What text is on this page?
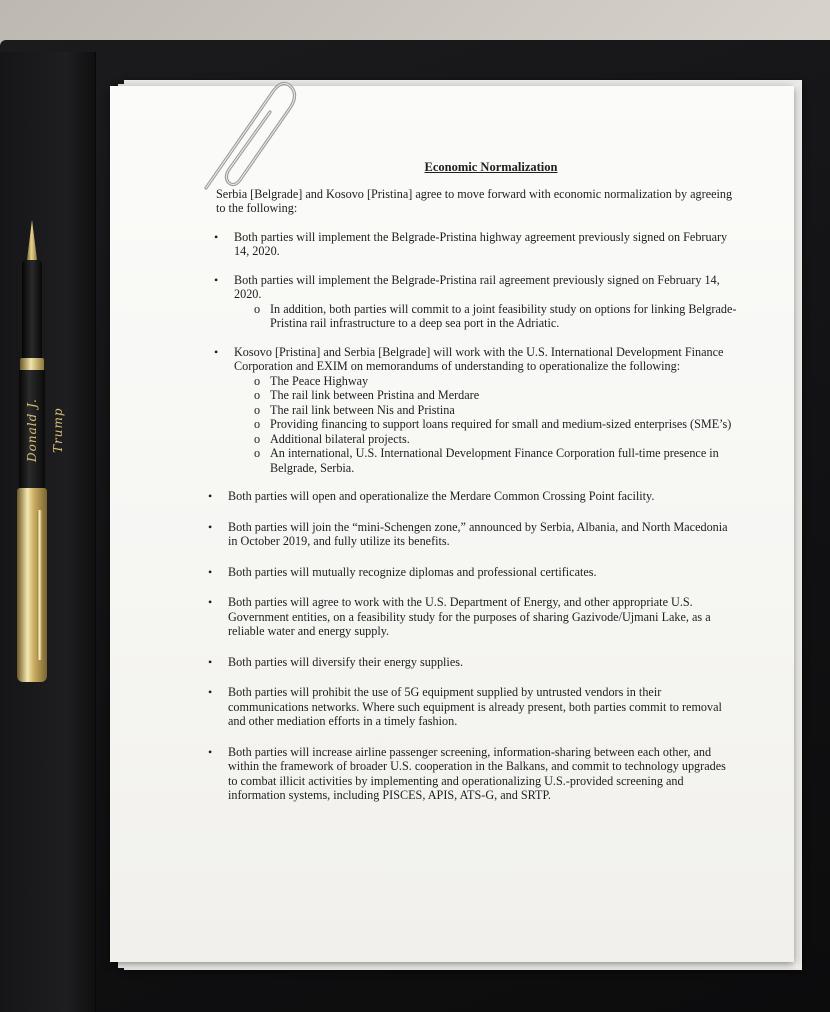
Donald J. Trump
Economic Normalization
Serbia [Belgrade] and Kosovo [Pristina] agree to move forward with economic normalization by agreeing to the following:
• Both parties will implement the Belgrade-Pristina highway agreement previously signed on February 14, 2020.
• Both parties will implement the Belgrade-Pristina rail agreement previously signed on February 14, 2020.
o In addition, both parties will commit to a joint feasibility study on options for linking Belgrade-Pristina rail infrastructure to a deep sea port in the Adriatic.
• Kosovo [Pristina] and Serbia [Belgrade] will work with the U.S. International Development Finance Corporation and EXIM on memorandums of understanding to operationalize the following:
o The Peace Highway
o The rail link between Pristina and Merdare
o The rail link between Nis and Pristina
o Providing financing to support loans required for small and medium-sized enterprises (SME’s)
o Additional bilateral projects.
o An international, U.S. International Development Finance Corporation full-time presence in Belgrade, Serbia.
• Both parties will open and operationalize the Merdare Common Crossing Point facility.
• Both parties will join the “mini-Schengen zone,” announced by Serbia, Albania, and North Macedonia in October 2019, and fully utilize its benefits.
• Both parties will mutually recognize diplomas and professional certificates.
• Both parties will agree to work with the U.S. Department of Energy, and other appropriate U.S. Government entities, on a feasibility study for the purposes of sharing Gazivode/Ujmani Lake, as a reliable water and energy supply.
• Both parties will diversify their energy supplies.
• Both parties will prohibit the use of 5G equipment supplied by untrusted vendors in their communications networks. Where such equipment is already present, both parties commit to removal and other mediation efforts in a timely fashion.
• Both parties will increase airline passenger screening, information-sharing between each other, and within the framework of broader U.S. cooperation in the Balkans, and commit to technology upgrades to combat illicit activities by implementing and operationalizing U.S.-provided screening and information systems, including PISCES, APIS, ATS-G, and SRTP.
